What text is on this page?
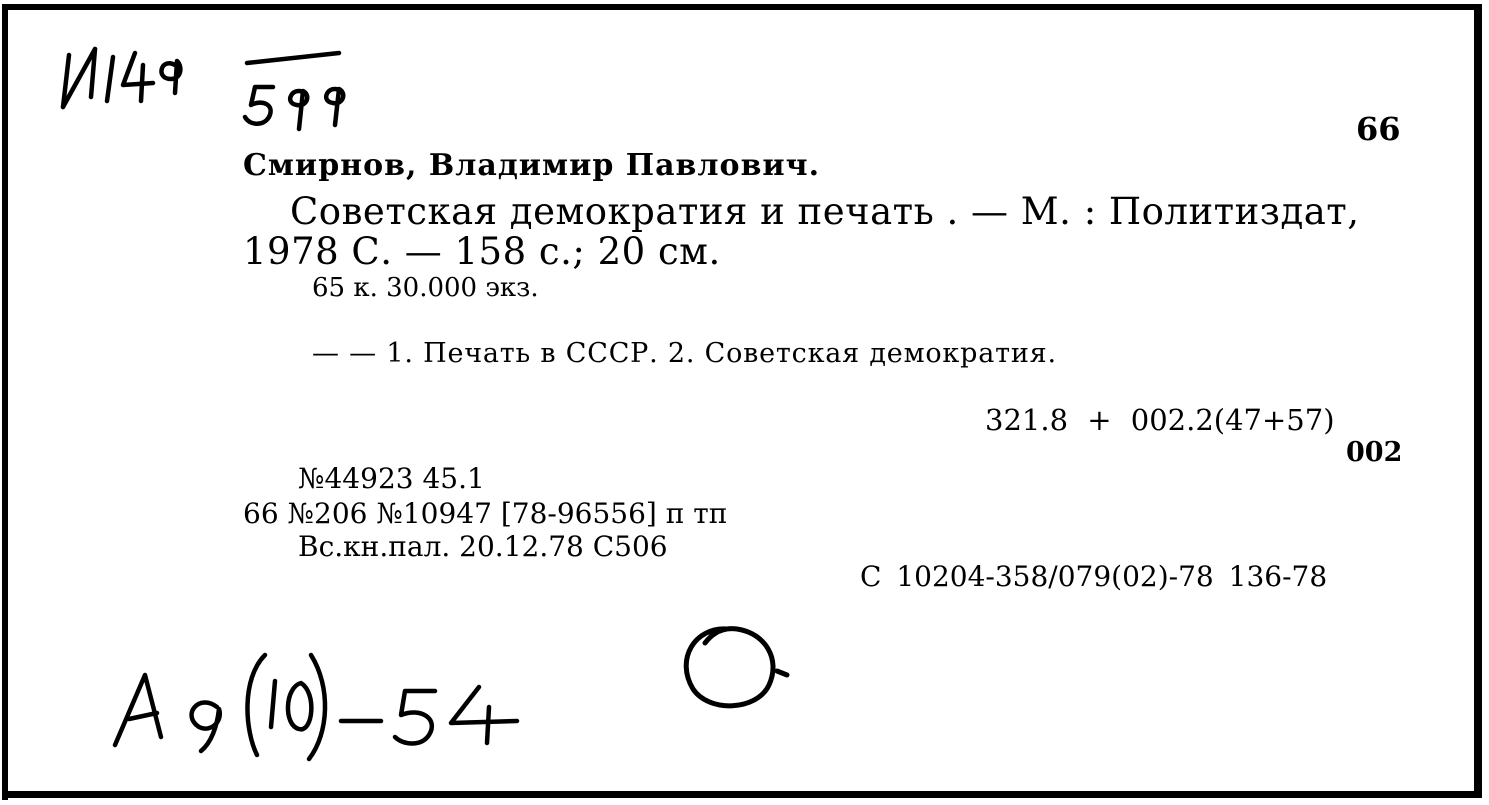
66
Смирнов, Владимир Павлович.
Советская демократия и печать . — М. : Политиздат,
1978 С. — 158 с.; 20 см.
65 к. 30.000 экз.
— — 1. Печать в СССР. 2. Советская демократия.
321.8 + 002.2(47+57)
002
№44923 45.1
66 №206 №10947 [78-96556] п тп
Вс.кн.пал. 20.12.78 С506
С 10204-358/079(02)-78 136-78
